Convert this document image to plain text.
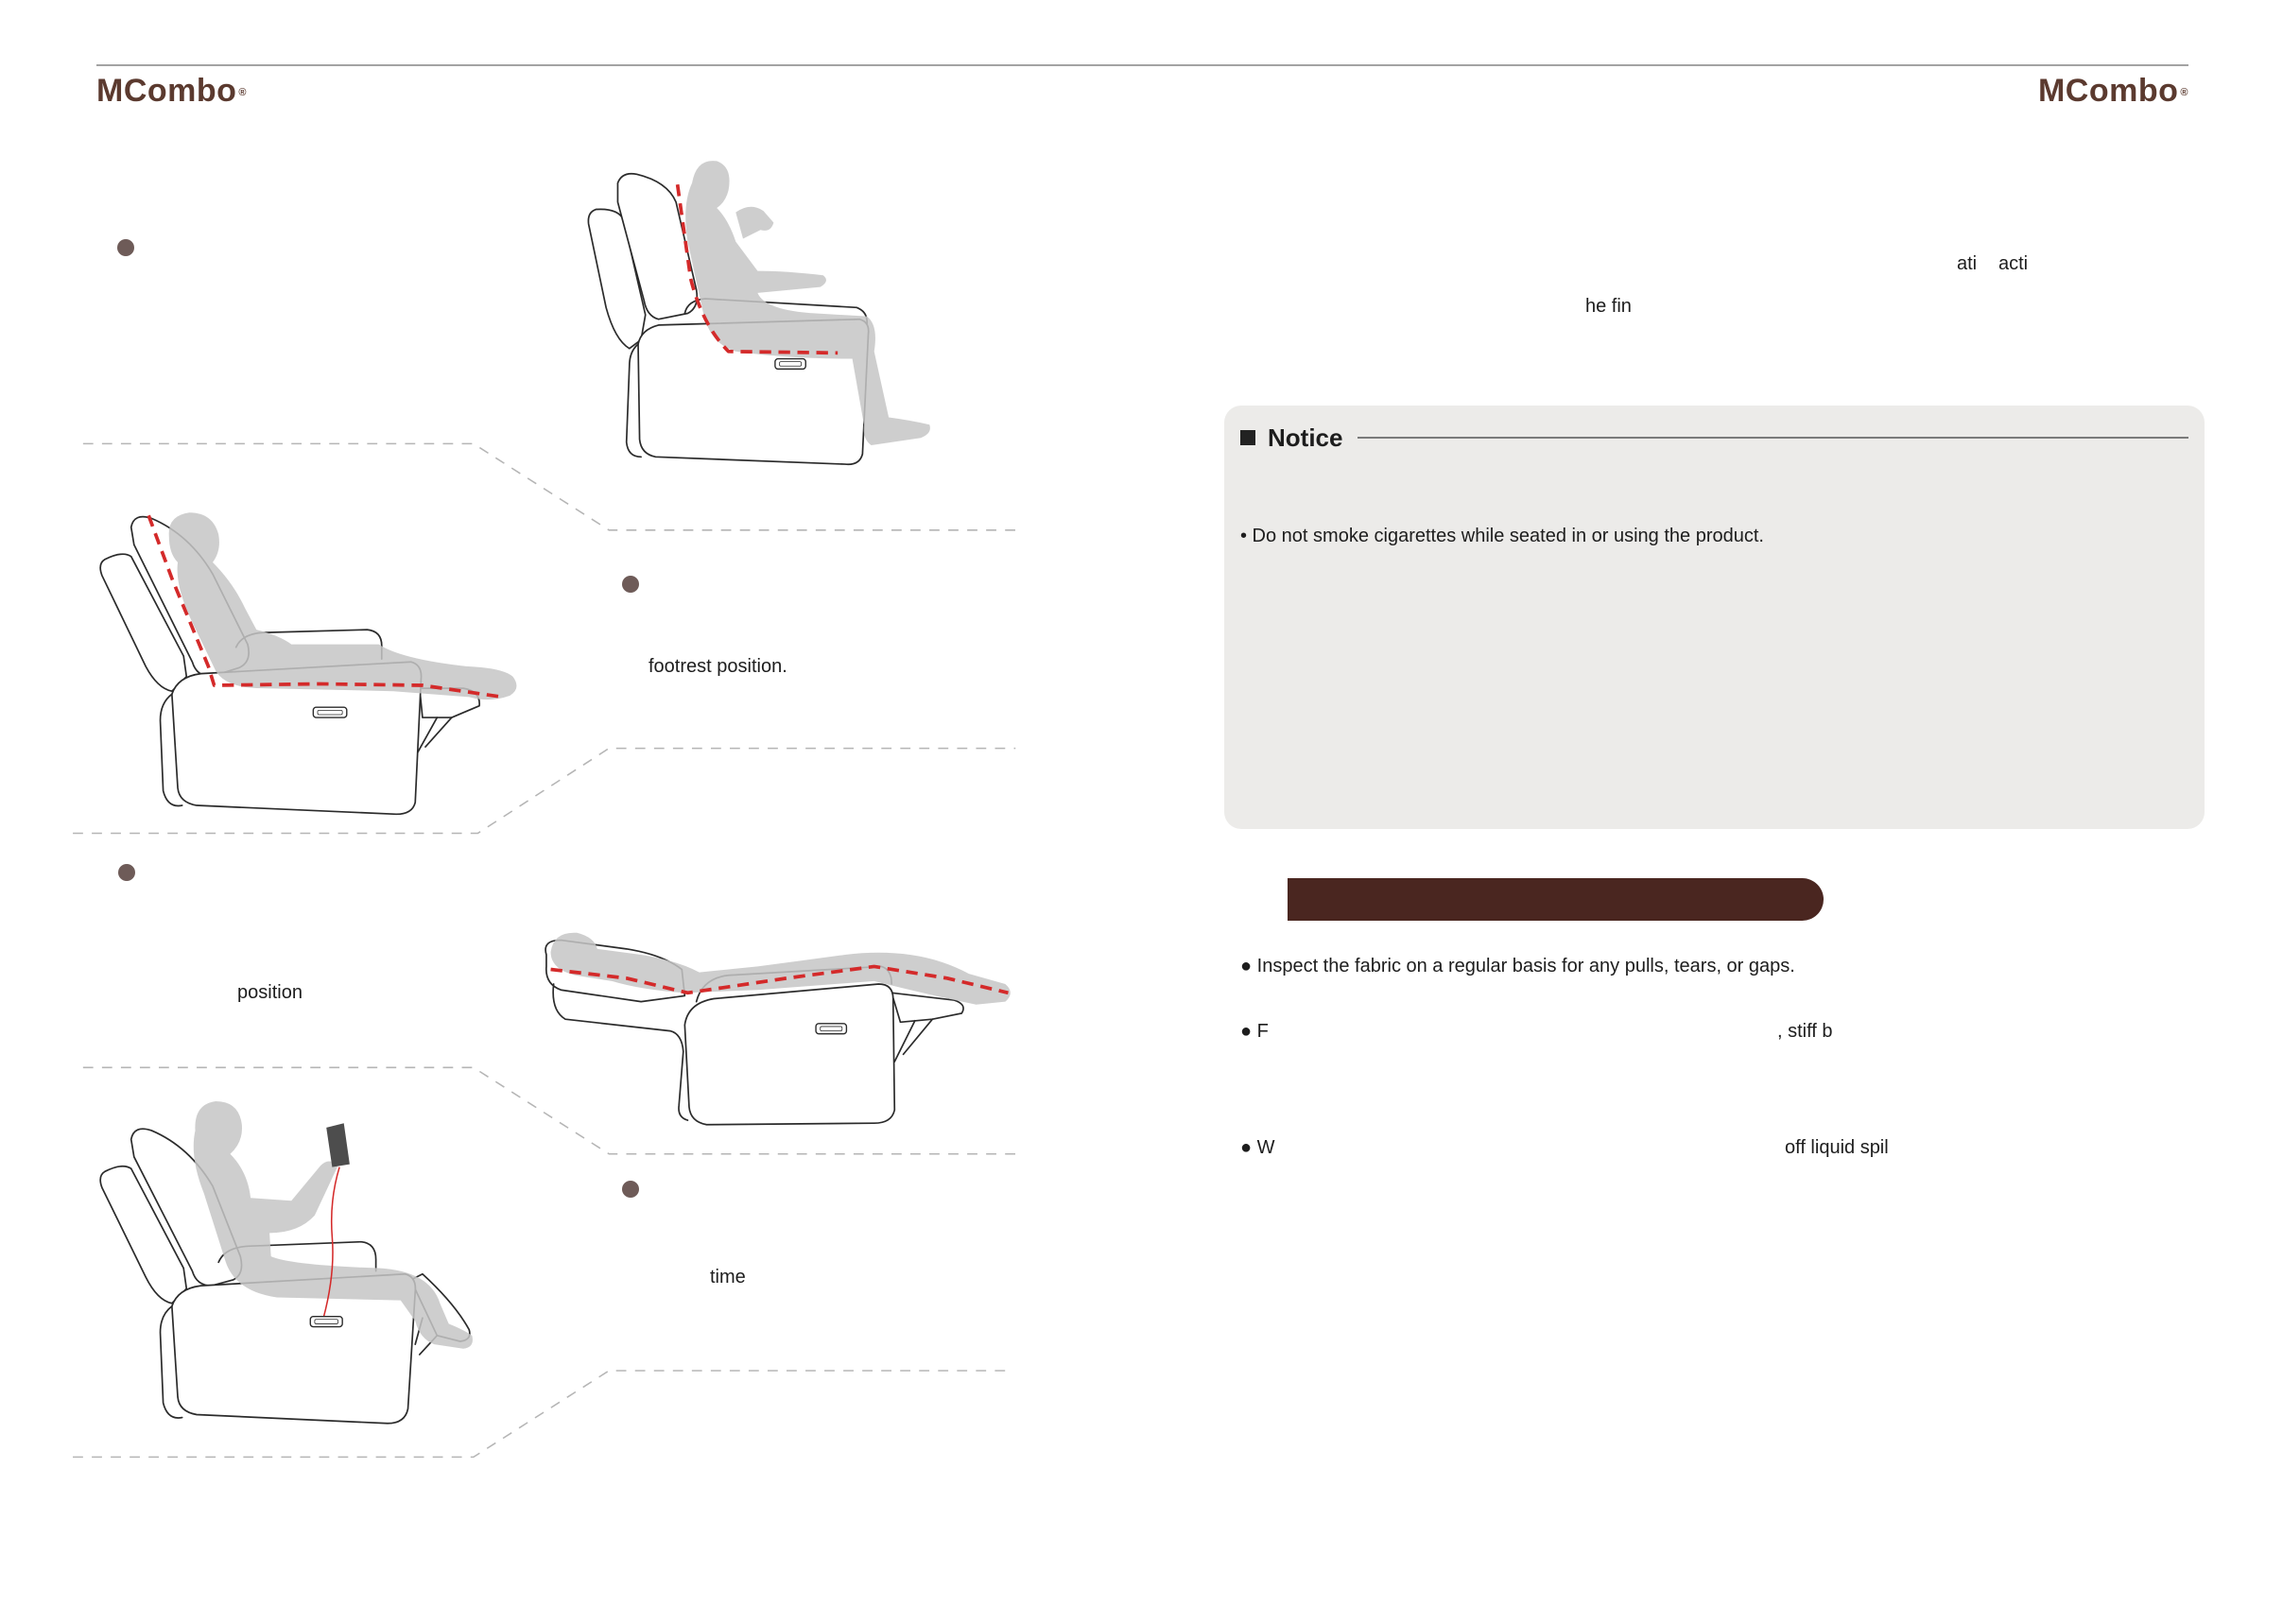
MCombo ®	MCombo ®
footrest position.
position
time
ati acti
he fin
Notice
• Do not smoke cigarettes while seated in or using the product.
● Inspect the fabric on a regular basis for any pulls, tears, or gaps.
● F	, stiff b
● W	off liquid spil
